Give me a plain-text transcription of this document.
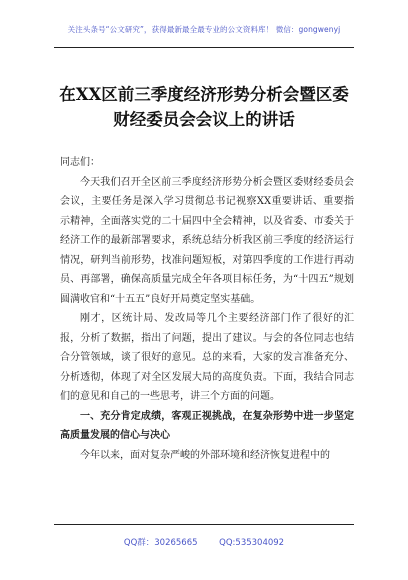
关注头条号“公文研究”，获得最新最全最专业的公文资料库！ 微信：gongwenyj
在XX区前三季度经济形势分析会暨区委
财经委员会会议上的讲话

同志们：

今天我们召开全区前三季度经济形势分析会暨区委财经委员会会议，主要任务是深入学习贯彻总书记视察XX重要讲话、重要指示精神，全面落实党的二十届四中全会精神，以及省委、市委关于经济工作的最新部署要求，系统总结分析我区前三季度的经济运行情况，研判当前形势，找准问题短板，对第四季度的工作进行再动员、再部署，确保高质量完成全年各项目标任务，为“十四五”规划圆满收官和“十五五”良好开局奠定坚实基础。

刚才，区统计局、发改局等几个主要经济部门作了很好的汇报，分析了数据，指出了问题，提出了建议。与会的各位同志也结合分管领域，谈了很好的意见。总的来看，大家的发言准备充分、分析透彻，体现了对全区发展大局的高度负责。下面，我结合同志们的意见和自己的一些思考，讲三个方面的问题。

一、充分肯定成绩，客观正视挑战，在复杂形势中进一步坚定高质量发展的信心与决心

今年以来，面对复杂严峻的外部环境和经济恢复进程中的

QQ群：30265665	QQ:535304092
